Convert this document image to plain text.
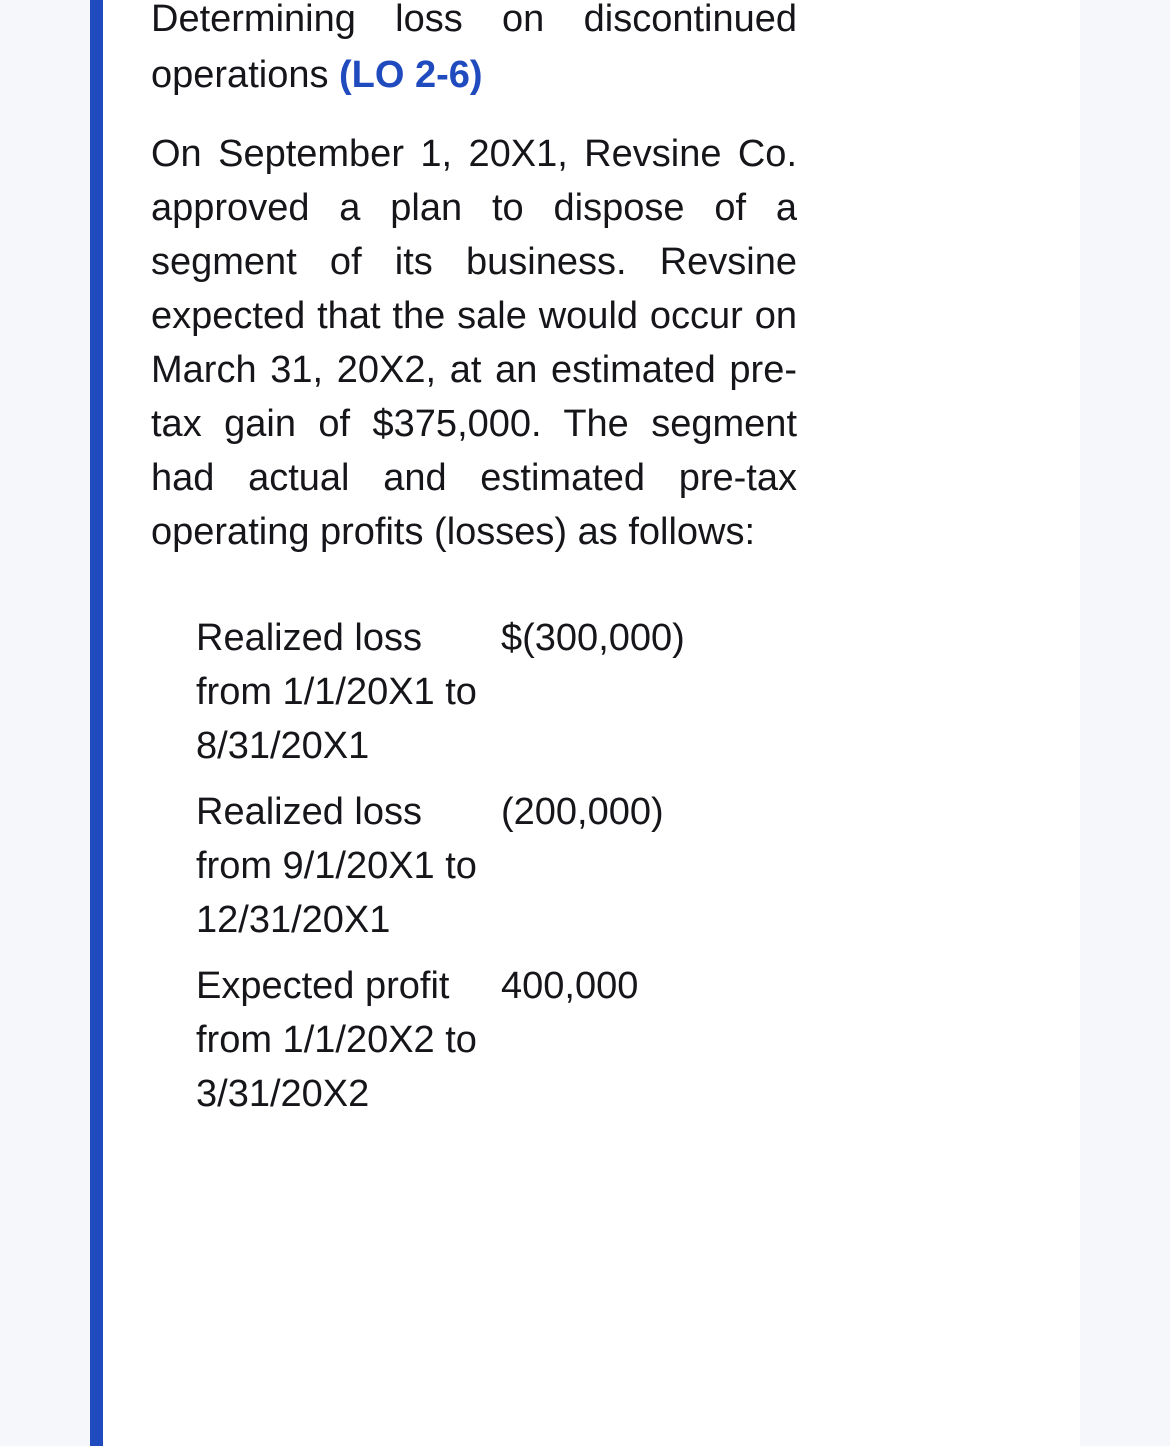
Determining loss on discontinued operations (LO 2-6)

On September 1, 20X1, Revsine Co. approved a plan to dispose of a segment of its business. Revsine expected that the sale would occur on March 31, 20X2, at an estimated pre-tax gain of $375,000. The segment had actual and estimated pre-tax operating profits (losses) as follows:

Realized loss from 1/1/20X1 to 8/31/20X1
$(300,000)
Realized loss from 9/1/20X1 to 12/31/20X1
(200,000)
Expected profit from 1/1/20X2 to 3/31/20X2
400,000
